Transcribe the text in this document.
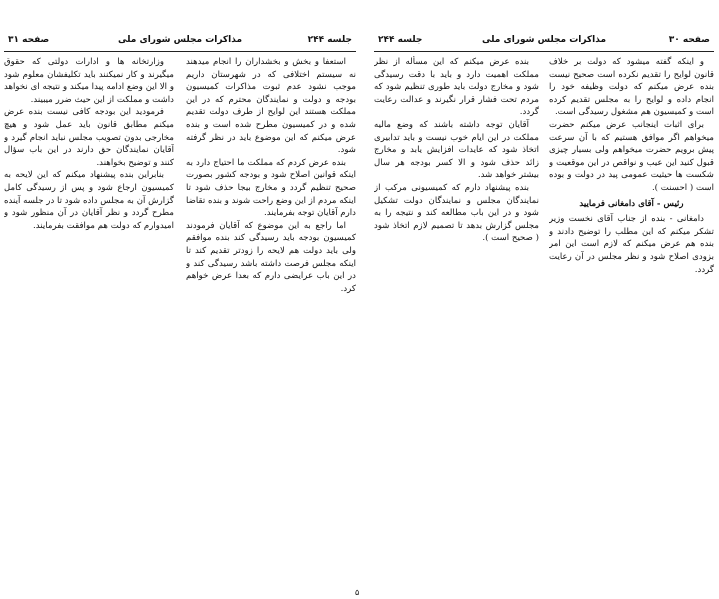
جلسه ۲۴۴
مذاکرات مجلس شورای ملی
صفحه ۳۱

استعفا و بخش و بخشداران را انجام میدهند نه سیستم اختلافی که در شهرستان داریم موجب نشود عدم ثبوت مذاکرات کمیسیون بودجه و دولت و نمایندگان محترم که در این مملکت هستند این لوایح از طرف دولت تقدیم شده و در کمیسیون مطرح شده است و بنده عرض میکنم که این موضوع باید در نظر گرفته شود.

بنده عرض کردم که مملکت ما احتیاج دارد به اینکه قوانین اصلاح شود و بودجه کشور بصورت صحیح تنظیم گردد و مخارج بیجا حذف شود تا اینکه مردم از این وضع راحت شوند و بنده تقاضا دارم آقایان توجه بفرمایند.

اما راجع به این موضوع که آقایان فرمودند کمیسیون بودجه باید رسیدگی کند بنده موافقم ولی باید دولت هم لایحه را زودتر تقدیم کند تا اینکه مجلس فرصت داشته باشد رسیدگی کند و در این باب عرایضی دارم که بعدا عرض خواهم کرد.

وزارتخانه ها و ادارات دولتی که حقوق میگیرند و کار نمیکنند باید تکلیفشان معلوم شود و الا این وضع ادامه پیدا میکند و نتیجه ای نخواهد داشت و مملکت از این حیث ضرر میبیند.

فرمودید این بودجه کافی نیست بنده عرض میکنم مطابق قانون باید عمل شود و هیچ مخارجی بدون تصویب مجلس نباید انجام گیرد و آقایان نمایندگان حق دارند در این باب سؤال کنند و توضیح بخواهند.

بنابراین بنده پیشنهاد میکنم که این لایحه به کمیسیون ارجاع شود و پس از رسیدگی کامل گزارش آن به مجلس داده شود تا در جلسه آینده مطرح گردد و نظر آقایان در آن منظور شود و امیدوارم که دولت هم موافقت بفرمایند.

صفحه ۳۰
مذاکرات مجلس شورای ملی
جلسه ۲۴۴

و اینکه گفته میشود که دولت بر خلاف قانون لوایح را تقدیم نکرده است صحیح نیست بنده عرض میکنم که دولت وظیفه خود را انجام داده و لوایح را به مجلس تقدیم کرده است و کمیسیون هم مشغول رسیدگی است.

برای اثبات اینجانب عرض میکنم حضرت میخواهم اگر موافق هستیم که با آن سرعت پیش برویم حضرت میخواهم ولی بسیار چیزی قبول کنید این عیب و نواقص در این موقعیت و شکست ها حیثیت عمومی پید در دولت و بوده است ( احسنت ).

رئیس - آقای دامغانی فرمایید

دامغانی - بنده از جناب آقای نخست وزیر تشکر میکنم که این مطلب را توضیح دادند و بنده هم عرض میکنم که لازم است این امر بزودی اصلاح شود و نظر مجلس در آن رعایت گردد.

بنده عرض میکنم که این مسأله از نظر مملکت اهمیت دارد و باید با دقت رسیدگی شود و مخارج دولت باید طوری تنظیم شود که مردم تحت فشار قرار نگیرند و عدالت رعایت گردد.

آقایان توجه داشته باشند که وضع مالیه مملکت در این ایام خوب نیست و باید تدابیری اتخاذ شود که عایدات افزایش یابد و مخارج زائد حذف شود و الا کسر بودجه هر سال بیشتر خواهد شد.

بنده پیشنهاد دارم که کمیسیونی مرکب از نمایندگان مجلس و نمایندگان دولت تشکیل شود و در این باب مطالعه کند و نتیجه را به مجلس گزارش بدهد تا تصمیم لازم اتخاذ شود ( صحیح است ).

۵
